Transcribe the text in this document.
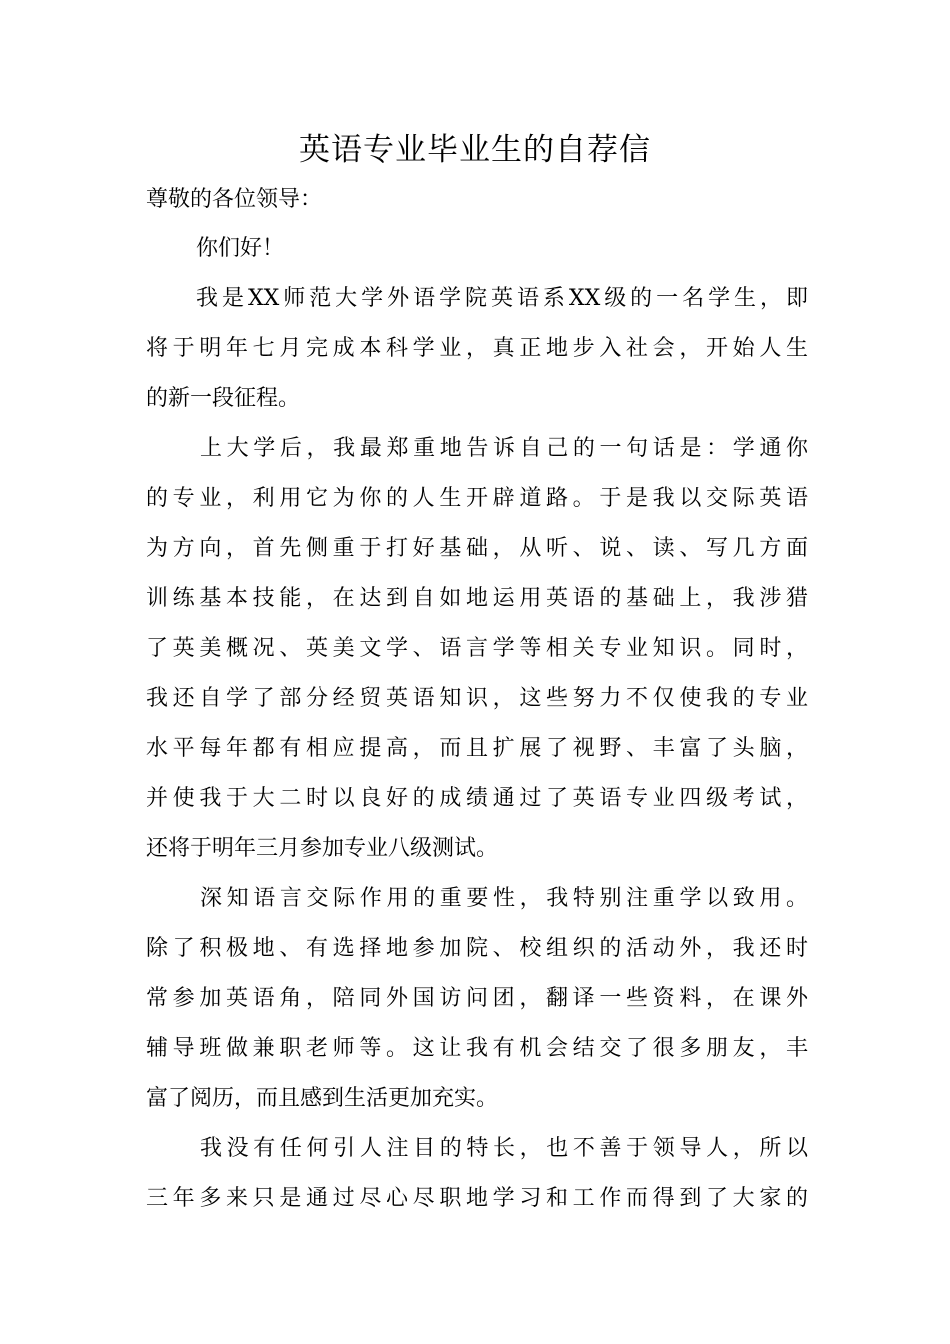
英语专业毕业生的自荐信
尊敬的各位领导：
你们好！
我是XX师范大学外语学院英语系XX级的一名学生，即
将于明年七月完成本科学业，真正地步入社会，开始人生
的新一段征程。
上大学后，我最郑重地告诉自己的一句话是：学通你
的专业，利用它为你的人生开辟道路。于是我以交际英语
为方向，首先侧重于打好基础，从听、说、读、写几方面
训练基本技能，在达到自如地运用英语的基础上，我涉猎
了英美概况、英美文学、语言学等相关专业知识。同时，
我还自学了部分经贸英语知识，这些努力不仅使我的专业
水平每年都有相应提高，而且扩展了视野、丰富了头脑，
并使我于大二时以良好的成绩通过了英语专业四级考试，
还将于明年三月参加专业八级测试。
深知语言交际作用的重要性，我特别注重学以致用。
除了积极地、有选择地参加院、校组织的活动外，我还时
常参加英语角，陪同外国访问团，翻译一些资料，在课外
辅导班做兼职老师等。这让我有机会结交了很多朋友，丰
富了阅历，而且感到生活更加充实。
我没有任何引人注目的特长，也不善于领导人，所以
三年多来只是通过尽心尽职地学习和工作而得到了大家的
